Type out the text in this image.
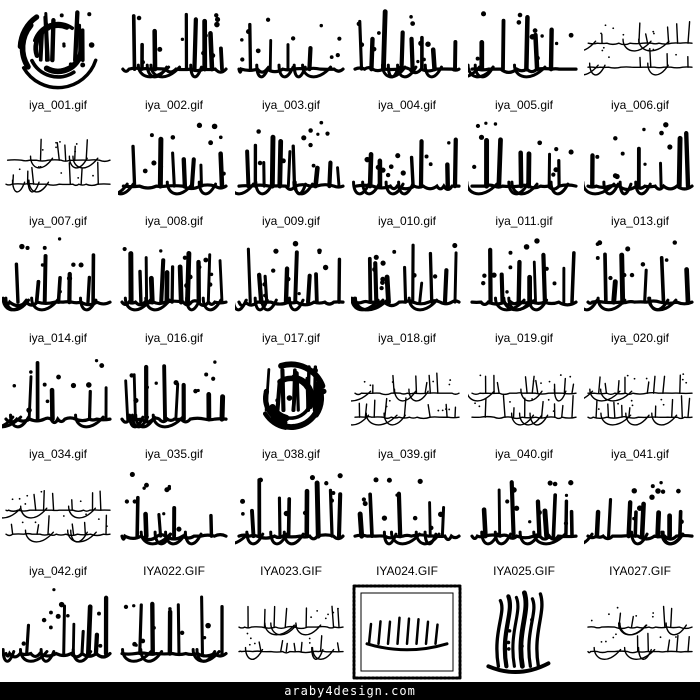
iya_001.gif	iya_002.gif	iya_003.gif	iya_004.gif	iya_005.gif	iya_006.gif
iya_007.gif	iya_008.gif	iya_009.gif	iya_010.gif	iya_011.gif	iya_013.gif
iya_014.gif	iya_016.gif	iya_017.gif	iya_018.gif	iya_019.gif	iya_020.gif
iya_034.gif	iya_035.gif	iya_038.gif	iya_039.gif	iya_040.gif	iya_041.gif
iya_042.gif	IYA022.GIF	IYA023.GIF	IYA024.GIF	IYA025.GIF	IYA027.GIF
araby4design.com
